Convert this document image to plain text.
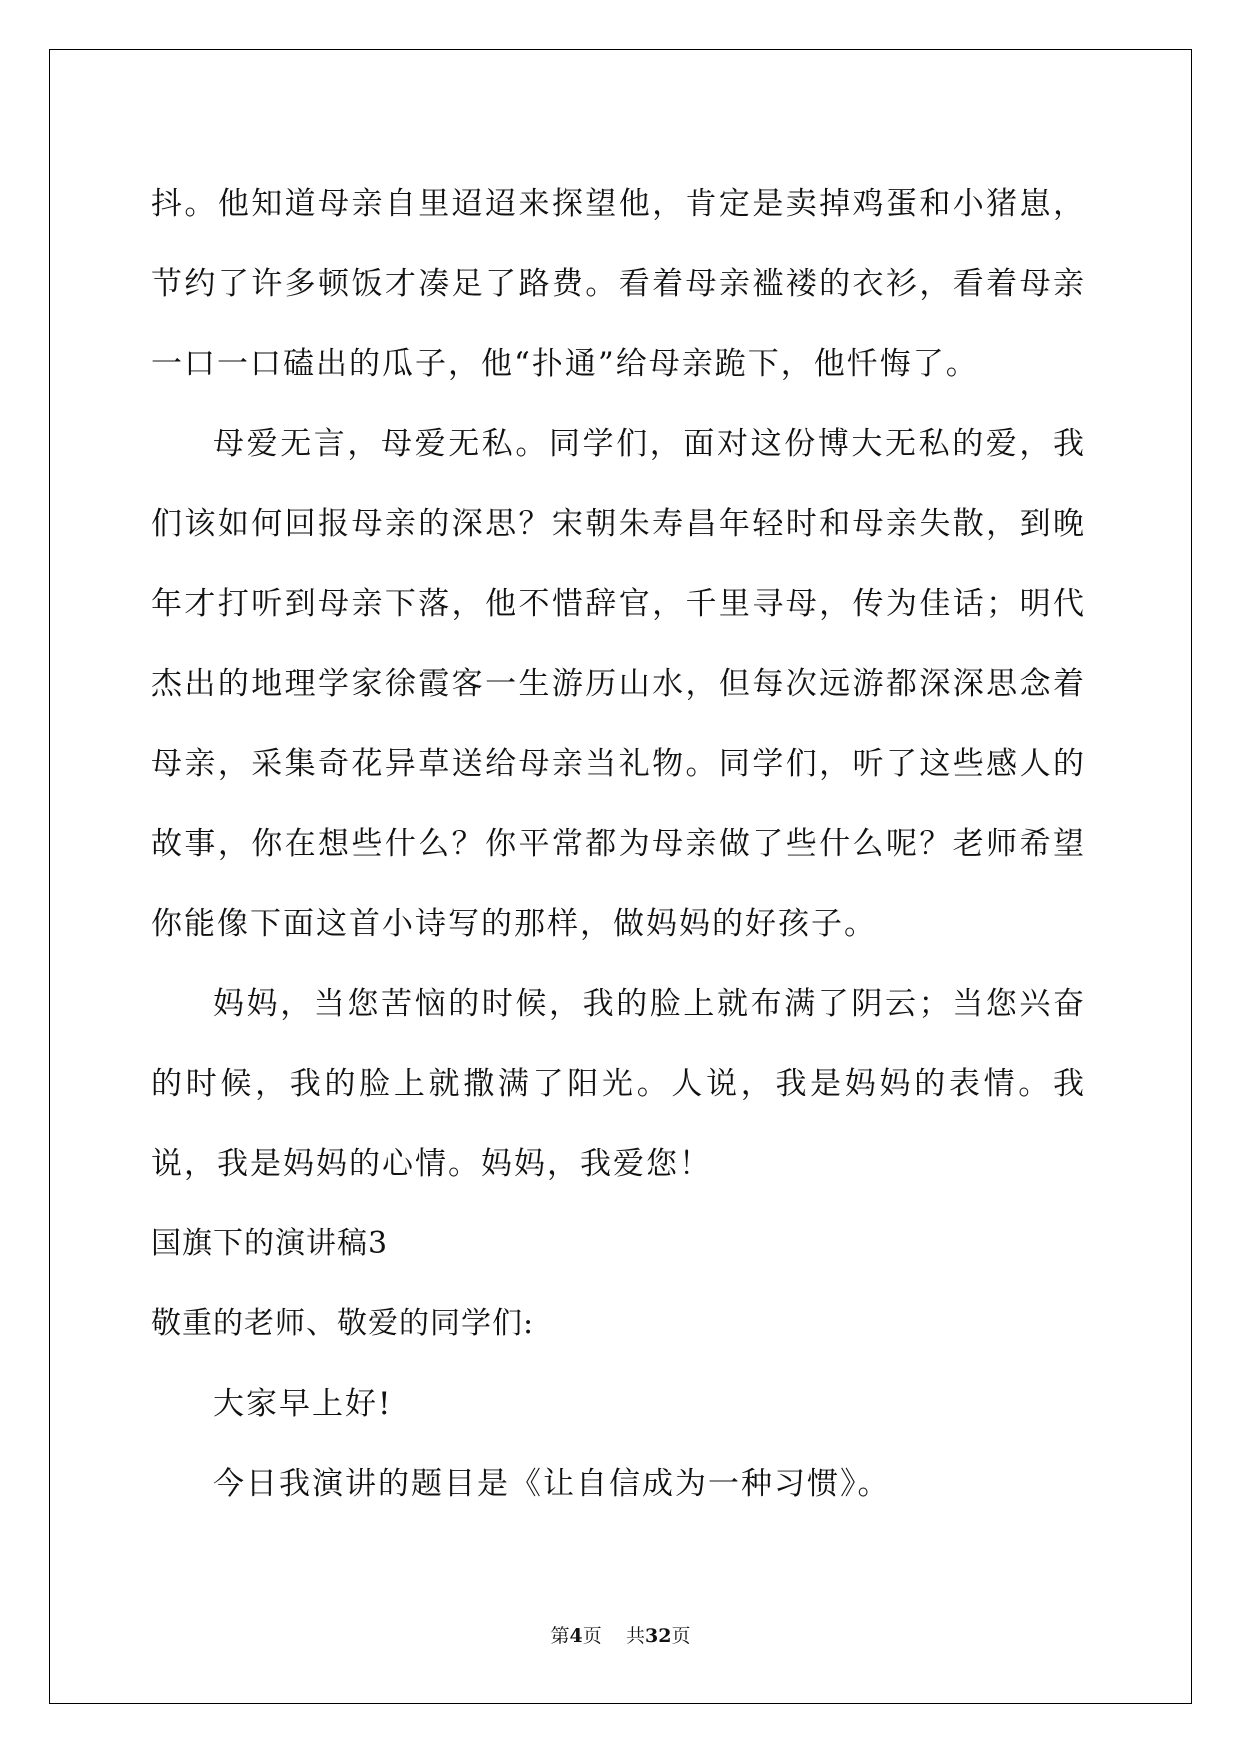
抖。他知道母亲自里迢迢来探望他，肯定是卖掉鸡蛋和小猪崽，节约了许多顿饭才凑足了路费。看着母亲褴褛的衣衫，看着母亲一口一口磕出的瓜子，他“扑通”给母亲跪下，他忏悔了。

母爱无言，母爱无私。同学们，面对这份博大无私的爱，我们该如何回报母亲的深思？宋朝朱寿昌年轻时和母亲失散，到晚年才打听到母亲下落，他不惜辞官，千里寻母，传为佳话；明代杰出的地理学家徐霞客一生游历山水，但每次远游都深深思念着母亲，采集奇花异草送给母亲当礼物。同学们，听了这些感人的故事，你在想些什么？你平常都为母亲做了些什么呢？老师希望你能像下面这首小诗写的那样，做妈妈的好孩子。

妈妈，当您苦恼的时候，我的脸上就布满了阴云；当您兴奋的时候，我的脸上就撒满了阳光。人说，我是妈妈的表情。我说，我是妈妈的心情。妈妈，我爱您！

国旗下的演讲稿3

敬重的老师、敬爱的同学们:

大家早上好!

今日我演讲的题目是《让自信成为一种习惯》。

第4页 共32页
